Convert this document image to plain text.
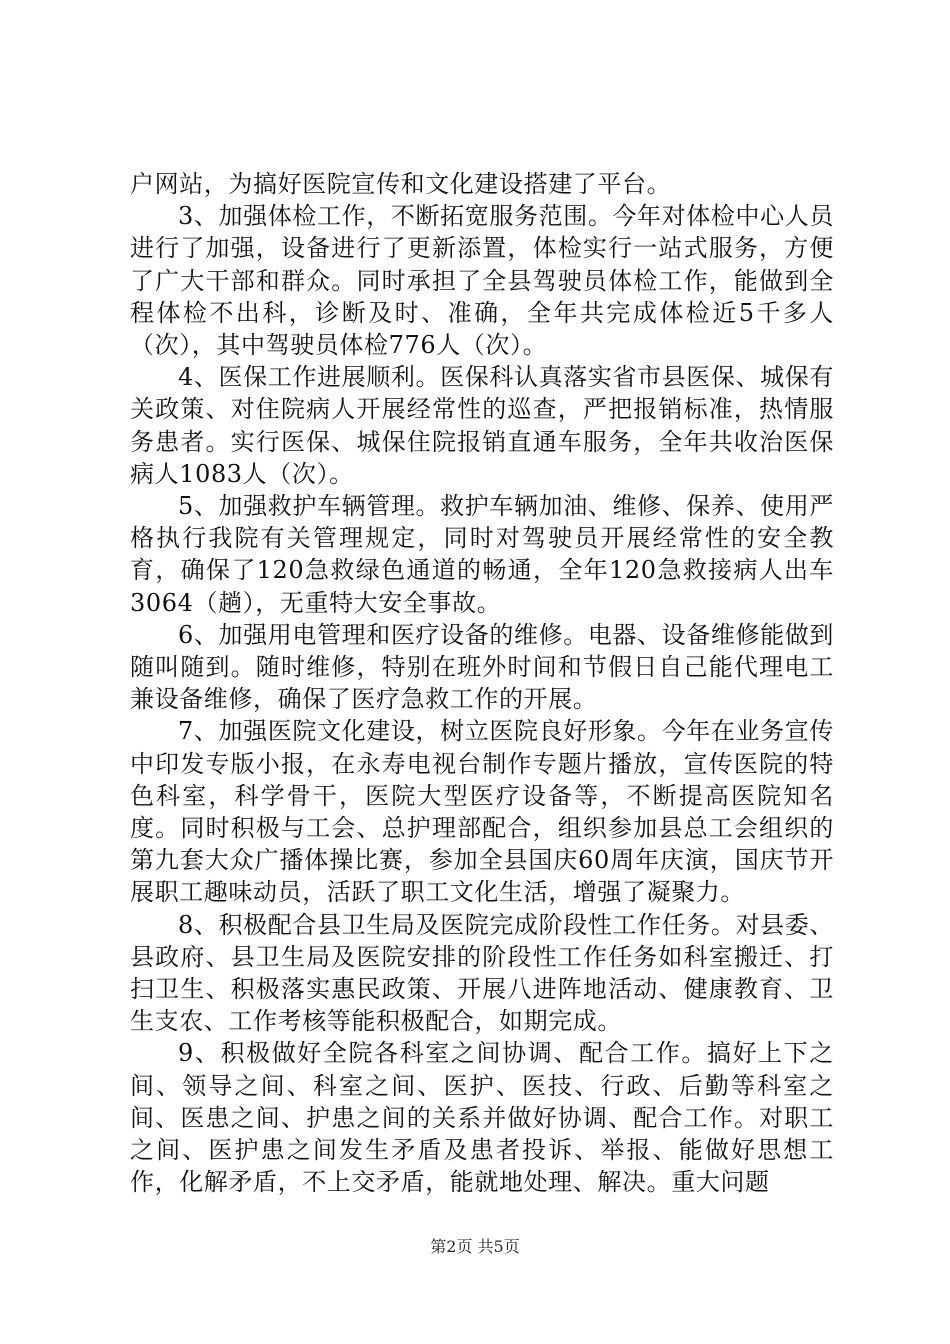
户网站，为搞好医院宣传和文化建设搭建了平台。

3、加强体检工作，不断拓宽服务范围。今年对体检中心人员进行了加强，设备进行了更新添置，体检实行一站式服务，方便了广大干部和群众。同时承担了全县驾驶员体检工作，能做到全程体检不出科，诊断及时、准确，全年共完成体检近5千多人（次），其中驾驶员体检776人（次）。

4、医保工作进展顺利。医保科认真落实省市县医保、城保有关政策、对住院病人开展经常性的巡查，严把报销标准，热情服务患者。实行医保、城保住院报销直通车服务，全年共收治医保病人1083人（次）。

5、加强救护车辆管理。救护车辆加油、维修、保养、使用严格执行我院有关管理规定，同时对驾驶员开展经常性的安全教育，确保了120急救绿色通道的畅通，全年120急救接病人出车3064（趟），无重特大安全事故。

6、加强用电管理和医疗设备的维修。电器、设备维修能做到随叫随到。随时维修，特别在班外时间和节假日自己能代理电工兼设备维修，确保了医疗急救工作的开展。

7、加强医院文化建设，树立医院良好形象。今年在业务宣传中印发专版小报，在永寿电视台制作专题片播放，宣传医院的特色科室，科学骨干，医院大型医疗设备等，不断提高医院知名度。同时积极与工会、总护理部配合，组织参加县总工会组织的第九套大众广播体操比赛，参加全县国庆60周年庆演，国庆节开展职工趣味动员，活跃了职工文化生活，增强了凝聚力。

8、积极配合县卫生局及医院完成阶段性工作任务。对县委、县政府、县卫生局及医院安排的阶段性工作任务如科室搬迁、打扫卫生、积极落实惠民政策、开展八进阵地活动、健康教育、卫生支农、工作考核等能积极配合，如期完成。

9、积极做好全院各科室之间协调、配合工作。搞好上下之间、领导之间、科室之间、医护、医技、行政、后勤等科室之间、医患之间、护患之间的关系并做好协调、配合工作。对职工之间、医护患之间发生矛盾及患者投诉、举报、能做好思想工作，化解矛盾，不上交矛盾，能就地处理、解决。重大问题

第2页 共5页
